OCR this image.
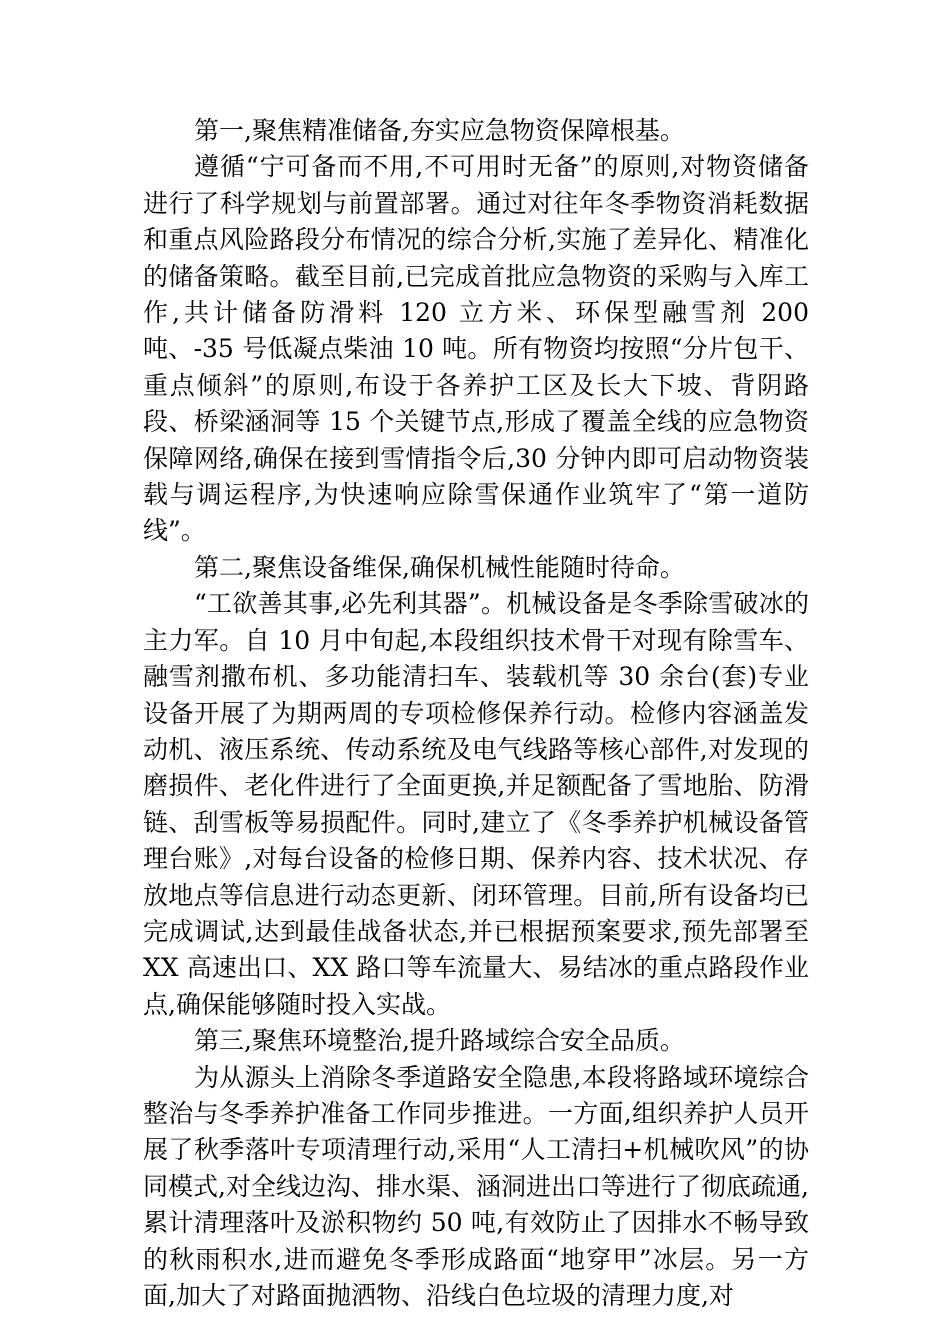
第一,聚焦精准储备,夯实应急物资保障根基。

遵循“宁可备而不用,不可用时无备”的原则,对物资储备进行了科学规划与前置部署。通过对往年冬季物资消耗数据和重点风险路段分布情况的综合分析,实施了差异化、精准化的储备策略。截至目前,已完成首批应急物资的采购与入库工作,共计储备防滑料 120 立方米、环保型融雪剂 200 吨、-35 号低凝点柴油 10 吨。所有物资均按照“分片包干、重点倾斜”的原则,布设于各养护工区及长大下坡、背阴路段、桥梁涵洞等 15 个关键节点,形成了覆盖全线的应急物资保障网络,确保在接到雪情指令后,30 分钟内即可启动物资装载与调运程序,为快速响应除雪保通作业筑牢了“第一道防线”。

第二,聚焦设备维保,确保机械性能随时待命。

“工欲善其事,必先利其器”。机械设备是冬季除雪破冰的主力军。自 10 月中旬起,本段组织技术骨干对现有除雪车、融雪剂撒布机、多功能清扫车、装载机等 30 余台(套)专业设备开展了为期两周的专项检修保养行动。检修内容涵盖发动机、液压系统、传动系统及电气线路等核心部件,对发现的磨损件、老化件进行了全面更换,并足额配备了雪地胎、防滑链、刮雪板等易损配件。同时,建立了《冬季养护机械设备管理台账》,对每台设备的检修日期、保养内容、技术状况、存放地点等信息进行动态更新、闭环管理。目前,所有设备均已完成调试,达到最佳战备状态,并已根据预案要求,预先部署至 XX 高速出口、XX 路口等车流量大、易结冰的重点路段作业点,确保能够随时投入实战。

第三,聚焦环境整治,提升路域综合安全品质。

为从源头上消除冬季道路安全隐患,本段将路域环境综合整治与冬季养护准备工作同步推进。一方面,组织养护人员开展了秋季落叶专项清理行动,采用“人工清扫+机械吹风”的协同模式,对全线边沟、排水渠、涵洞进出口等进行了彻底疏通,累计清理落叶及淤积物约 50 吨,有效防止了因排水不畅导致的秋雨积水,进而避免冬季形成路面“地穿甲”冰层。另一方面,加大了对路面抛洒物、沿线白色垃圾的清理力度,对
